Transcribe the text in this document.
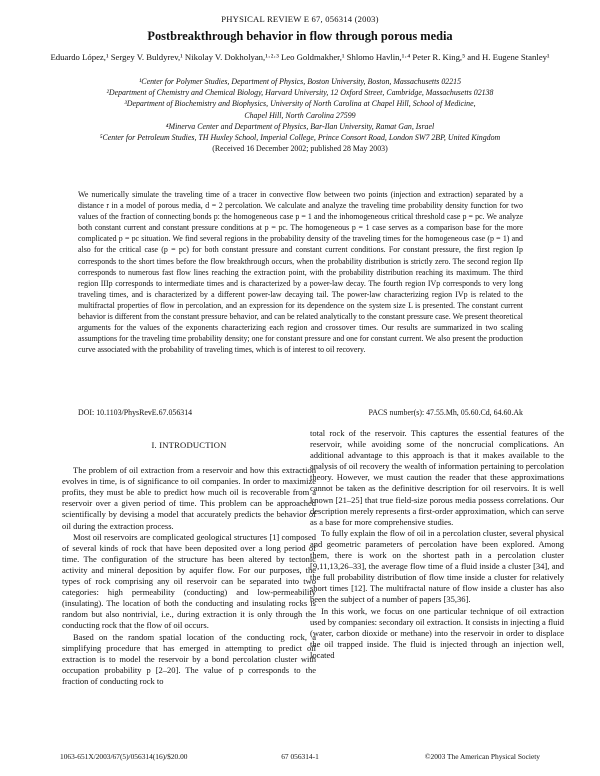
PHYSICAL REVIEW E 67, 056314 (2003)
Postbreakthrough behavior in flow through porous media
Eduardo López,¹ Sergey V. Buldyrev,¹ Nikolay V. Dokholyan,¹·²·³ Leo Goldmakher,¹ Shlomo Havlin,¹·⁴ Peter R. King,⁵ and H. Eugene Stanley¹
¹Center for Polymer Studies, Department of Physics, Boston University, Boston, Massachusetts 02215
²Department of Chemistry and Chemical Biology, Harvard University, 12 Oxford Street, Cambridge, Massachusetts 02138
³Department of Biochemistry and Biophysics, University of North Carolina at Chapel Hill, School of Medicine,
Chapel Hill, North Carolina 27599
⁴Minerva Center and Department of Physics, Bar-Ilan University, Ramat Gan, Israel
⁵Center for Petroleum Studies, TH Huxley School, Imperial College, Prince Consort Road, London SW7 2BP, United Kingdom
(Received 16 December 2002; published 28 May 2003)
We numerically simulate the traveling time of a tracer in convective flow between two points (injection and extraction) separated by a distance r in a model of porous media, d = 2 percolation. We calculate and analyze the traveling time probability density function for two values of the fraction of connecting bonds p: the homogeneous case p = 1 and the inhomogeneous critical threshold case p = pc. We analyze both constant current and constant pressure conditions at p = pc. The homogeneous p = 1 case serves as a comparison base for the more complicated p = pc situation. We find several regions in the probability density of the traveling times for the homogeneous case (p = 1) and also for the critical case (p = pc) for both constant pressure and constant current conditions. For constant pressure, the first region Ip corresponds to the short times before the flow breakthrough occurs, when the probability distribution is strictly zero. The second region IIp corresponds to numerous fast flow lines reaching the extraction point, with the probability distribution reaching its maximum. The third region IIIp corresponds to intermediate times and is characterized by a power-law decay. The fourth region IVp corresponds to very long traveling times, and is characterized by a different power-law decaying tail. The power-law characterizing region IVp is related to the multifractal properties of flow in percolation, and an expression for its dependence on the system size L is presented. The constant current behavior is different from the constant pressure behavior, and can be related analytically to the constant pressure case. We present theoretical arguments for the values of the exponents characterizing each region and crossover times. Our results are summarized in two scaling assumptions for the traveling time probability density; one for constant pressure and one for constant current. We also present the production curve associated with the probability of traveling times, which is of interest to oil recovery.
DOI: 10.1103/PhysRevE.67.056314	PACS number(s): 47.55.Mh, 05.60.Cd, 64.60.Ak
I. INTRODUCTION

The problem of oil extraction from a reservoir and how this extraction evolves in time, is of significance to oil companies. In order to maximize profits, they must be able to predict how much oil is recoverable from a reservoir over a given period of time. This problem can be approached scientifically by devising a model that accurately predicts the behavior of oil during the extraction process.

Most oil reservoirs are complicated geological structures [1] composed of several kinds of rock that have been deposited over a long period of time. The configuration of the structure has been altered by tectonic activity and mineral deposition by aquifer flow. For our purposes, the types of rock comprising any oil reservoir can be separated into two categories: high permeability (conducting) and low-permeability (insulating). The location of both the conducting and insulating rocks is random but also nontrivial, i.e., during extraction it is only through the conducting rock that the flow of oil occurs.

Based on the random spatial location of the conducting rock, a simplifying procedure that has emerged in attempting to predict oil extraction is to model the reservoir by a bond percolation cluster with occupation probability p [2–20]. The value of p corresponds to the fraction of conducting rock to

total rock of the reservoir. This captures the essential features of the reservoir, while avoiding some of the noncrucial complications. An additional advantage to this approach is that it makes available to the analysis of oil recovery the wealth of information pertaining to percolation theory. However, we must caution the reader that these approximations cannot be taken as the definitive description for oil reservoirs. It is well known [21–25] that true field-size porous media possess correlations. Our description merely represents a first-order approximation, which can serve as a base for more comprehensive studies.

To fully explain the flow of oil in a percolation cluster, several physical and geometric parameters of percolation have been explored. Among them, there is work on the shortest path in a percolation cluster [9,11,13,26–33], the average flow time of a fluid inside a cluster [34], and the full probability distribution of flow time inside a cluster for relatively short times [12]. The multifractal nature of flow inside a cluster has also been the subject of a number of papers [35,36].

In this work, we focus on one particular technique of oil extraction used by companies: secondary oil extraction. It consists in injecting a fluid (water, carbon dioxide or methane) into the reservoir in order to displace the oil trapped inside. The fluid is injected through an injection well, located

1063-651X/2003/67(5)/056314(16)/$20.00	67 056314-1	©2003 The American Physical Society
